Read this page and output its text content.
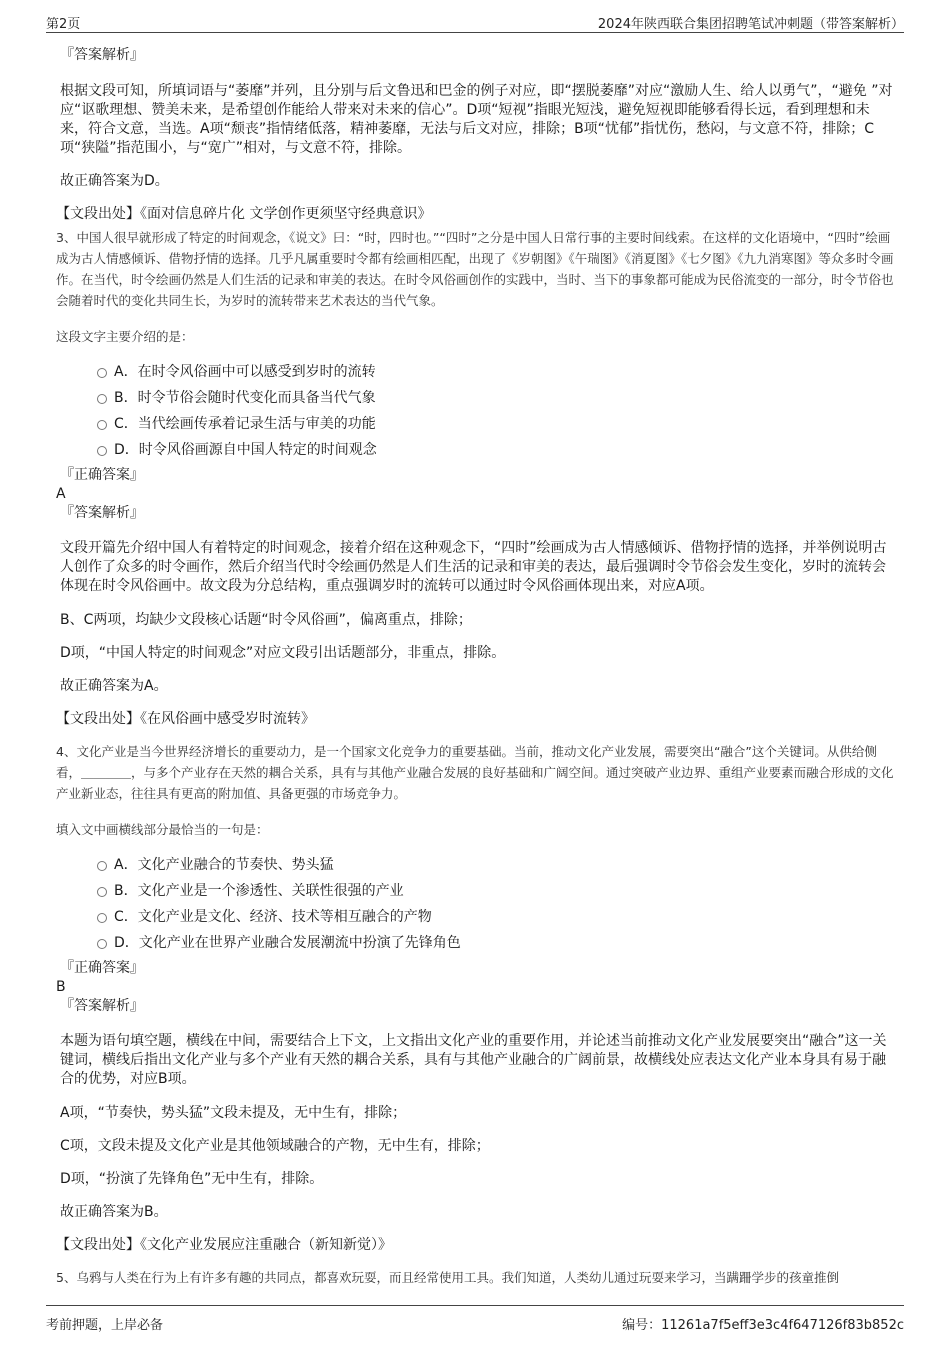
第2页	2024年陕西联合集团招聘笔试冲刺题（带答案解析）

『答案解析』

根据文段可知，所填词语与“萎靡”并列，且分别与后文鲁迅和巴金的例子对应，即“摆脱萎靡”对应“激励人生、给人以勇气”，“避免 ”对应“讴歌理想、赞美未来，是希望创作能给人带来对未来的信心”。D项“短视”指眼光短浅，避免短视即能够看得长远，看到理想和未来，符合文意，当选。A项“颓丧”指情绪低落，精神萎靡，无法与后文对应，排除；B项“忧郁”指忧伤，愁闷，与文意不符，排除；C项“狭隘”指范围小，与“宽广”相对，与文意不符，排除。

故正确答案为D。

【文段出处】《面对信息碎片化 文学创作更须坚守经典意识》

3、中国人很早就形成了特定的时间观念，《说文》曰：“时，四时也。”“四时”之分是中国人日常行事的主要时间线索。在这样的文化语境中，“四时”绘画成为古人情感倾诉、借物抒情的选择。几乎凡属重要时令都有绘画相匹配，出现了《岁朝图》《午瑞图》《消夏图》《七夕图》《九九消寒图》等众多时令画作。在当代，时令绘画仍然是人们生活的记录和审美的表达。在时令风俗画创作的实践中，当时、当下的事象都可能成为民俗流变的一部分，时令节俗也会随着时代的变化共同生长，为岁时的流转带来艺术表达的当代气象。

这段文字主要介绍的是：

A．在时令风俗画中可以感受到岁时的流转
B．时令节俗会随时代变化而具备当代气象
C．当代绘画传承着记录生活与审美的功能
D．时令风俗画源自中国人特定的时间观念

『正确答案』

A

『答案解析』

文段开篇先介绍中国人有着特定的时间观念，接着介绍在这种观念下，“四时”绘画成为古人情感倾诉、借物抒情的选择，并举例说明古人创作了众多的时令画作，然后介绍当代时令绘画仍然是人们生活的记录和审美的表达，最后强调时令节俗会发生变化，岁时的流转会体现在时令风俗画中。故文段为分总结构，重点强调岁时的流转可以通过时令风俗画体现出来，对应A项。

B、C两项，均缺少文段核心话题“时令风俗画”，偏离重点，排除；

D项，“中国人特定的时间观念”对应文段引出话题部分，非重点，排除。

故正确答案为A。

【文段出处】《在风俗画中感受岁时流转》

4、文化产业是当今世界经济增长的重要动力，是一个国家文化竞争力的重要基础。当前，推动文化产业发展，需要突出“融合”这个关键词。从供给侧看，＿＿＿＿，与多个产业存在天然的耦合关系，具有与其他产业融合发展的良好基础和广阔空间。通过突破产业边界、重组产业要素而融合形成的文化产业新业态，往往具有更高的附加值、具备更强的市场竞争力。

填入文中画横线部分最恰当的一句是：

A．文化产业融合的节奏快、势头猛
B．文化产业是一个渗透性、关联性很强的产业
C．文化产业是文化、经济、技术等相互融合的产物
D．文化产业在世界产业融合发展潮流中扮演了先锋角色

『正确答案』

B

『答案解析』

本题为语句填空题，横线在中间，需要结合上下文，上文指出文化产业的重要作用，并论述当前推动文化产业发展要突出“融合”这一关键词，横线后指出文化产业与多个产业有天然的耦合关系，具有与其他产业融合的广阔前景，故横线处应表达文化产业本身具有易于融合的优势，对应B项。

A项，“节奏快，势头猛”文段未提及，无中生有，排除；

C项，文段未提及文化产业是其他领域融合的产物，无中生有，排除；

D项，“扮演了先锋角色”无中生有，排除。

故正确答案为B。

【文段出处】《文化产业发展应注重融合（新知新觉）》

5、乌鸦与人类在行为上有许多有趣的共同点，都喜欢玩耍，而且经常使用工具。我们知道，人类幼儿通过玩耍来学习，当蹒跚学步的孩童推倒

考前押题，上岸必备	编号：11261a7f5eff3e3c4f647126f83b852c
